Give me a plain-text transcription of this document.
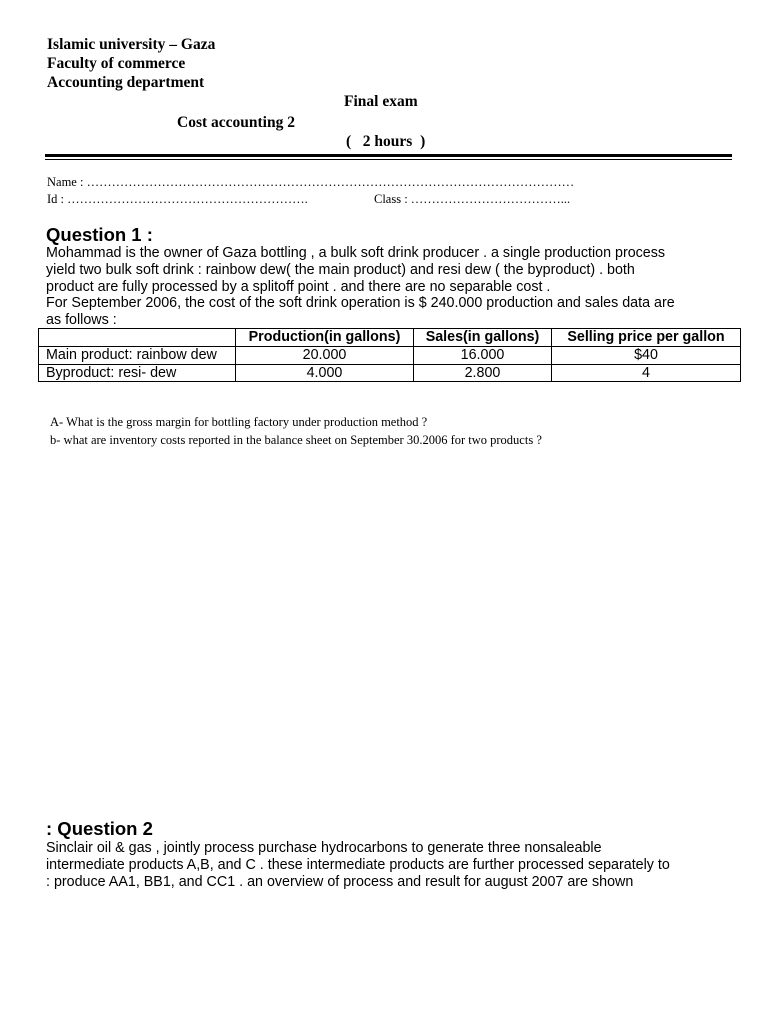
Islamic university – Gaza
Faculty of commerce
Accounting department
Final exam
Cost accounting 2
(   2 hours  )
Name : ………………………………………………………………………………………………………
Id : ………………………………………………….	Class : ………………………………...
Question 1 :
Mohammad is the owner of Gaza bottling , a bulk soft drink producer . a single production process
yield two bulk soft drink : rainbow dew( the main product) and resi dew ( the byproduct) . both
product are fully processed by a splitoff point . and there are no separable cost .
For September 2006, the cost of the soft drink operation is $ 240.000 production and sales data are
as follows :
	Production(in gallons)	Sales(in gallons)	Selling price per gallon
Main product: rainbow dew	20.000	16.000	$40
Byproduct: resi- dew	4.000	2.800	4
A- What is the gross margin for bottling factory under production method ?
b- what are inventory costs reported in the balance sheet on September 30.2006 for two products ?
: Question 2
Sinclair oil & gas , jointly process purchase hydrocarbons to generate three nonsaleable
intermediate products A,B, and C . these intermediate products are further processed separately to
: produce AA1, BB1, and CC1 . an overview of process and result for august 2007 are shown
